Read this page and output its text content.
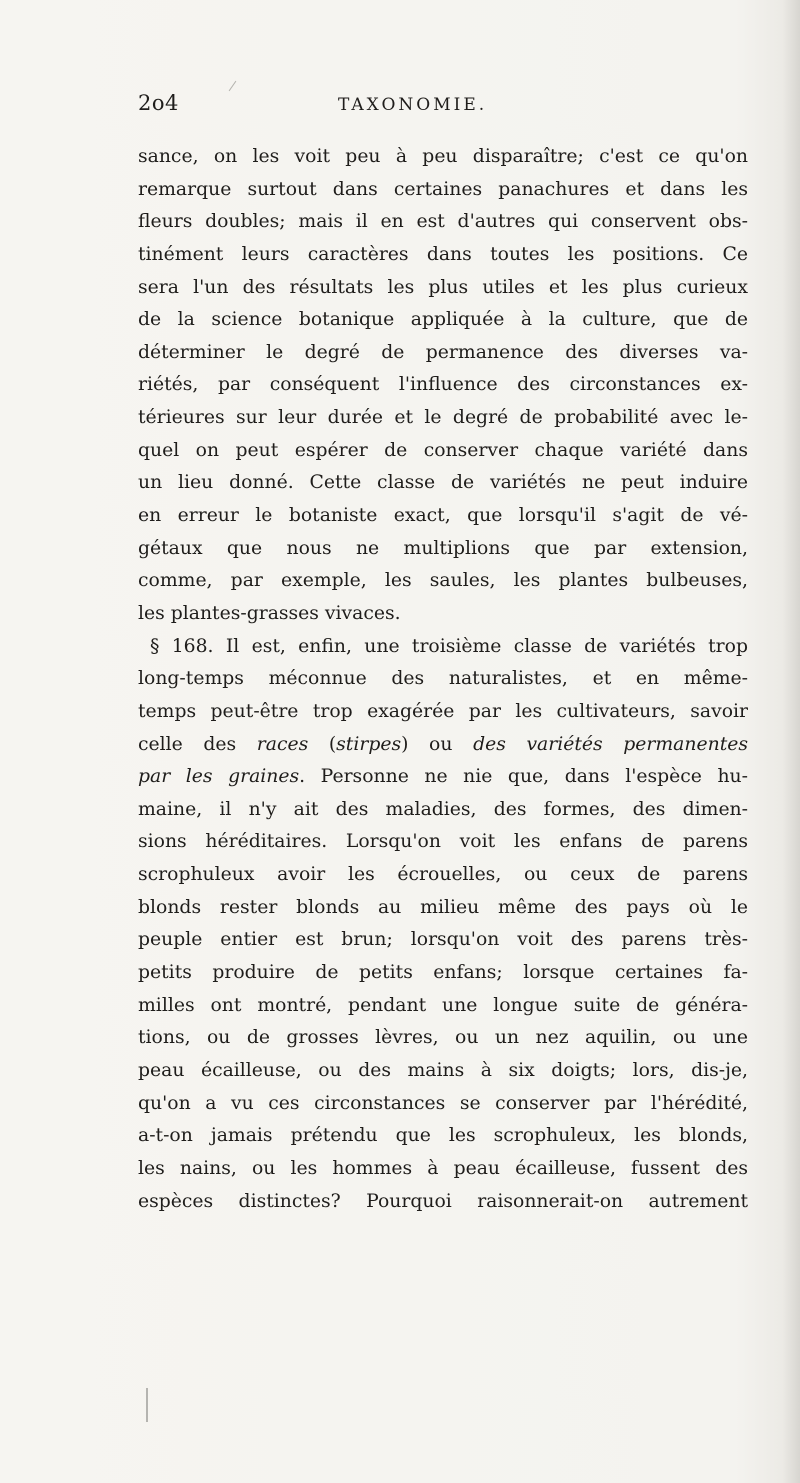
2o4	TAXONOMIE.
sance, on les voit peu à peu disparaître; c'est ce qu'on
remarque surtout dans certaines panachures et dans les
fleurs doubles; mais il en est d'autres qui conservent obs-
tinément leurs caractères dans toutes les positions. Ce
sera l'un des résultats les plus utiles et les plus curieux
de la science botanique appliquée à la culture, que de
déterminer le degré de permanence des diverses va-
riétés, par conséquent l'influence des circonstances ex-
térieures sur leur durée et le degré de probabilité avec le-
quel on peut espérer de conserver chaque variété dans
un lieu donné. Cette classe de variétés ne peut induire
en erreur le botaniste exact, que lorsqu'il s'agit de vé-
gétaux que nous ne multiplions que par extension,
comme, par exemple, les saules, les plantes bulbeuses,
les plantes-grasses vivaces.
§ 168. Il est, enfin, une troisième classe de variétés trop
long-temps méconnue des naturalistes, et en même-
temps peut-être trop exagérée par les cultivateurs, savoir
celle des races (stirpes) ou des variétés permanentes
par les graines. Personne ne nie que, dans l'espèce hu-
maine, il n'y ait des maladies, des formes, des dimen-
sions héréditaires. Lorsqu'on voit les enfans de parens
scrophuleux avoir les écrouelles, ou ceux de parens
blonds rester blonds au milieu même des pays où le
peuple entier est brun; lorsqu'on voit des parens très-
petits produire de petits enfans; lorsque certaines fa-
milles ont montré, pendant une longue suite de généra-
tions, ou de grosses lèvres, ou un nez aquilin, ou une
peau écailleuse, ou des mains à six doigts; lors, dis-je,
qu'on a vu ces circonstances se conserver par l'hérédité,
a-t-on jamais prétendu que les scrophuleux, les blonds,
les nains, ou les hommes à peau écailleuse, fussent des
espèces distinctes? Pourquoi raisonnerait-on autrement
